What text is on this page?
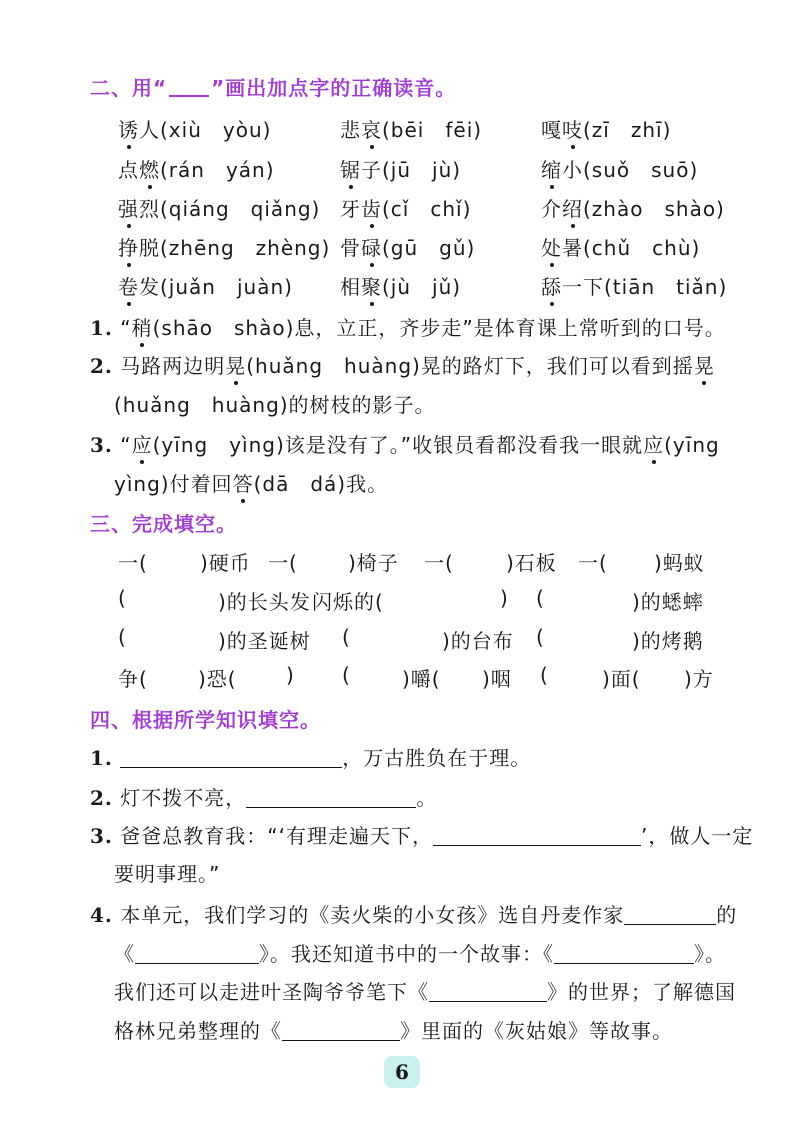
二、用“ ”画出加点字的正确读音。
诱人(xiù　yòu)	悲哀(bēi　fēi)	嘎吱(zī　zhī)
点燃(rán　yán)	锯子(jū　jù)	缩小(suǒ　suō)
强烈(qiáng　qiǎng) 牙齿(cǐ　chǐ)	介绍(zhào　shào)
挣脱(zhēng　zhèng) 骨碌(gū　gǔ)	处暑(chǔ　chù)
卷发(juǎn　juàn) 相聚(jù　jǔ)	舔一下(tiān　tiǎn)
1. “稍(shāo　shào)息，立正，齐步走”是体育课上常听到的口号。
2. 马路两边明晃(huǎng　huàng)晃的路灯下，我们可以看到摇晃
(huǎng　huàng)的树枝的影子。
3. “应(yīng　yìng)该是没有了。”收银员看都没看我一眼就应(yīng
yìng)付着回答(dā　dá)我。
三、完成填空。
一(	)硬币 一(	)椅子 一(	)石板 一( )蚂蚁
(	)的长头发 闪烁的(	) (	)的蟋蟀
(	)的圣诞树 (	)的台布 (	)的烤鹅
争(	)恐( ) (	)嚼( )咽 (	)面( )方
四、根据所学知识填空。
1.	，万古胜负在于理。
2. 灯不拨不亮，	。
3. 爸爸总教育我：“‘有理走遍天下，	’，做人一定
要明事理。”
4. 本单元，我们学习的《卖火柴的小女孩》选自丹麦作家	的
《	》。我还知道书中的一个故事：《	》。
我们还可以走进叶圣陶爷爷笔下《	》的世界；了解德国
格林兄弟整理的《	》里面的《灰姑娘》等故事。
6
